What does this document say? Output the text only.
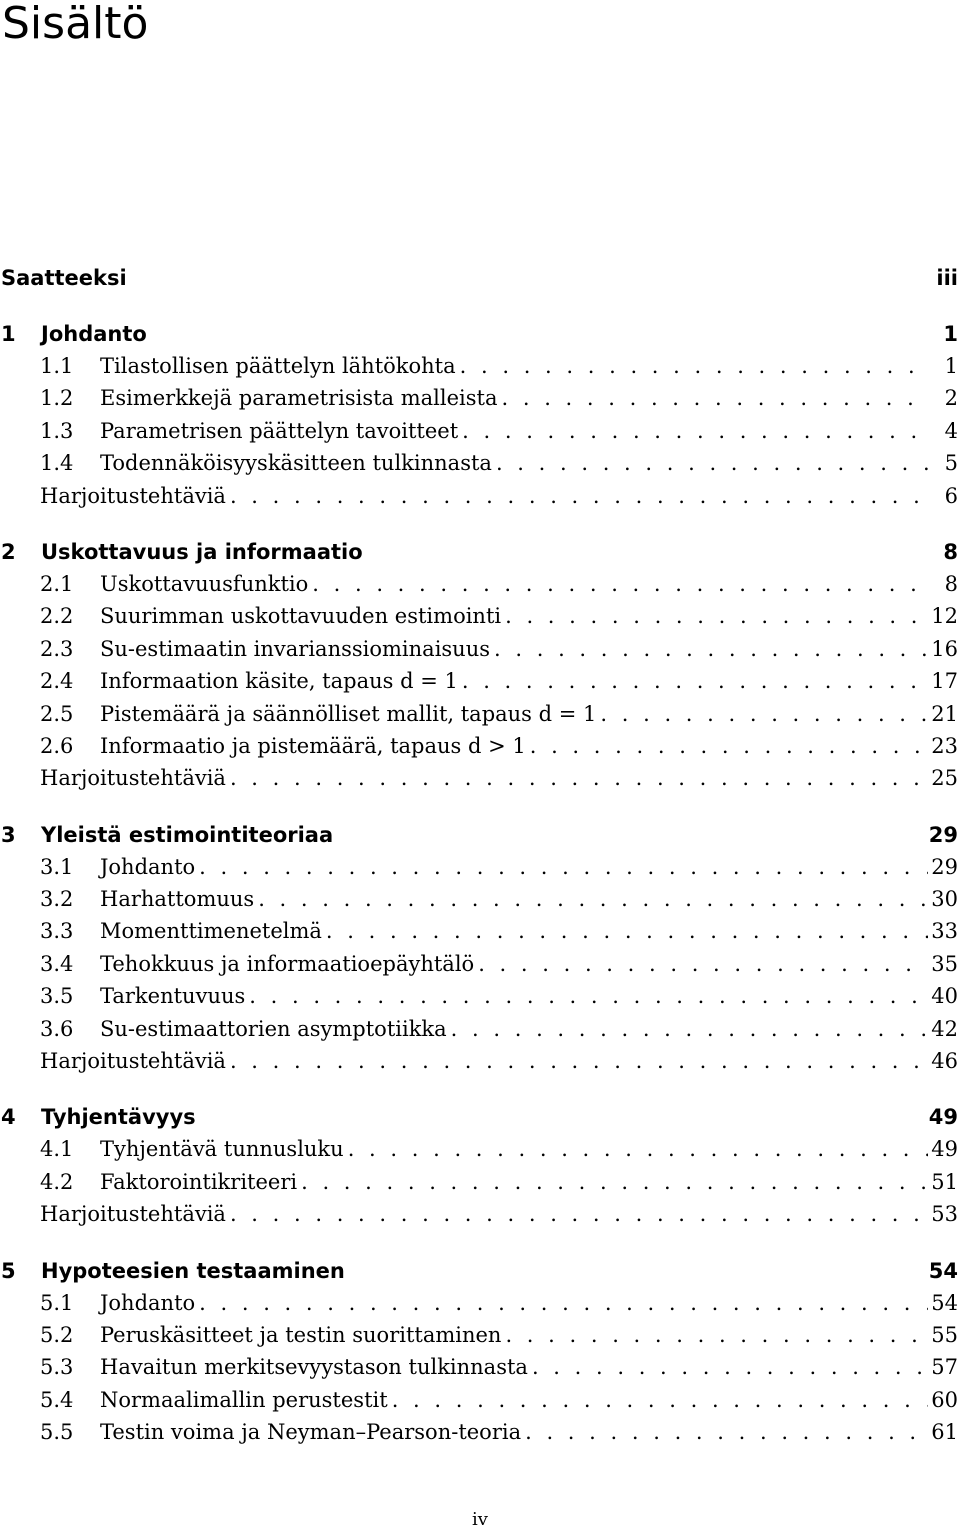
Sisältö
Saatteeksi	iii
1	Johdanto	1
1.1	Tilastollisen päättelyn lähtökohta . . .	1
1.2	Esimerkkejä parametrisista malleista . . .	2
1.3	Parametrisen päättelyn tavoitteet . . .	4
1.4	Todennäköisyyskäsitteen tulkinnasta . . .	5
Harjoitustehtäviä . . .	6
2	Uskottavuus ja informaatio	8
2.1	Uskottavuusfunktio . . .	8
2.2	Suurimman uskottavuuden estimointi . . .	12
2.3	Su-estimaatin invarianssiominaisuus . . .	16
2.4	Informaation käsite, tapaus d = 1 . . .	17
2.5	Pistemäärä ja säännölliset mallit, tapaus d = 1 . . .	21
2.6	Informaatio ja pistemäärä, tapaus d > 1 . . .	23
Harjoitustehtäviä . . .	25
3	Yleistä estimointiteoriaa	29
3.1	Johdanto . . .	29
3.2	Harhattomuus . . .	30
3.3	Momenttimenetelmä . . .	33
3.4	Tehokkuus ja informaatioepäyhtälö . . .	35
3.5	Tarkentuvuus . . .	40
3.6	Su-estimaattorien asymptotiikka . . .	42
Harjoitustehtäviä . . .	46
4	Tyhjentävyys	49
4.1	Tyhjentävä tunnusluku . . .	49
4.2	Faktorointikriteeri . . .	51
Harjoitustehtäviä . . .	53
5	Hypoteesien testaaminen	54
5.1	Johdanto . . .	54
5.2	Peruskäsitteet ja testin suorittaminen . . .	55
5.3	Havaitun merkitsevyystason tulkinnasta . . .	57
5.4	Normaalimallin perustestit . . .	60
5.5	Testin voima ja Neyman–Pearson-teoria . . .	61
iv
